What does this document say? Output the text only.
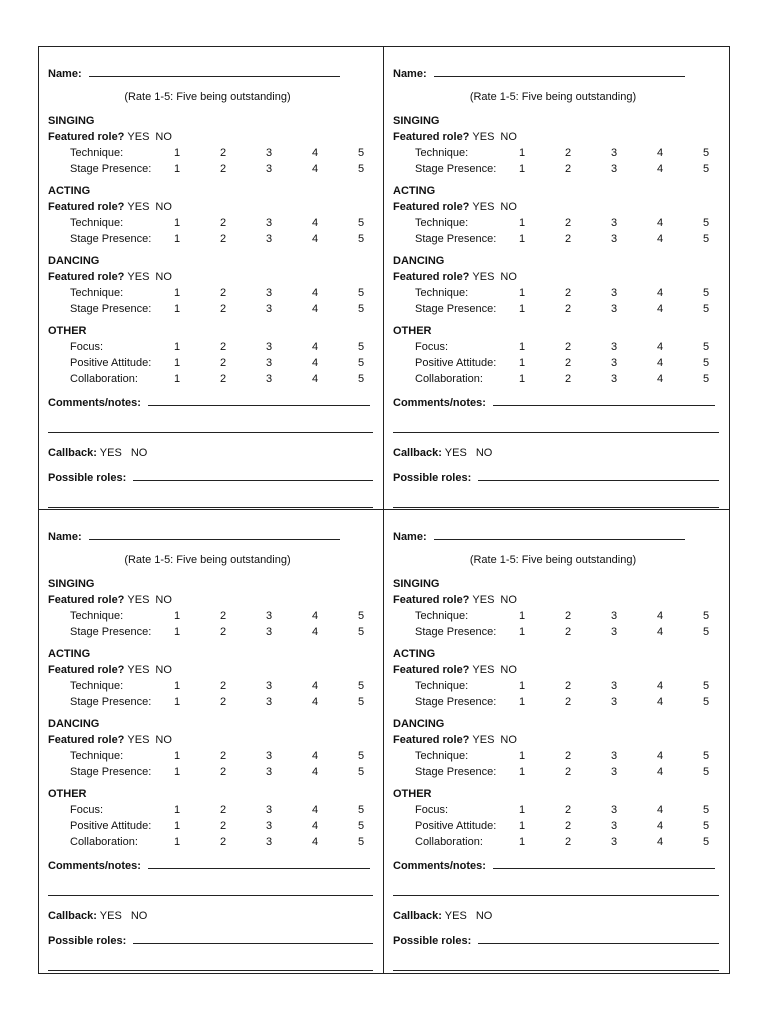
Name:
(Rate 1-5: Five being outstanding)
SINGING
Featured role? YES NO
Technique:	1	2	3	4	5
Stage Presence:	1	2	3	4	5
ACTING
Featured role? YES NO
Technique:	1	2	3	4	5
Stage Presence:	1	2	3	4	5
DANCING
Featured role? YES NO
Technique:	1	2	3	4	5
Stage Presence:	1	2	3	4	5
OTHER
Focus:	1	2	3	4	5
Positive Attitude:	1	2	3	4	5
Collaboration:	1	2	3	4	5
Comments/notes:
Callback: YES NO
Possible roles:
Name:
(Rate 1-5: Five being outstanding)
SINGING
Featured role? YES NO
Technique:	1	2	3	4	5
Stage Presence:	1	2	3	4	5
ACTING
Featured role? YES NO
Technique:	1	2	3	4	5
Stage Presence:	1	2	3	4	5
DANCING
Featured role? YES NO
Technique:	1	2	3	4	5
Stage Presence:	1	2	3	4	5
OTHER
Focus:	1	2	3	4	5
Positive Attitude:	1	2	3	4	5
Collaboration:	1	2	3	4	5
Comments/notes:
Callback: YES NO
Possible roles:
Name:
(Rate 1-5: Five being outstanding)
SINGING
Featured role? YES NO
Technique:	1	2	3	4	5
Stage Presence:	1	2	3	4	5
ACTING
Featured role? YES NO
Technique:	1	2	3	4	5
Stage Presence:	1	2	3	4	5
DANCING
Featured role? YES NO
Technique:	1	2	3	4	5
Stage Presence:	1	2	3	4	5
OTHER
Focus:	1	2	3	4	5
Positive Attitude:	1	2	3	4	5
Collaboration:	1	2	3	4	5
Comments/notes:
Callback: YES NO
Possible roles:
Name:
(Rate 1-5: Five being outstanding)
SINGING
Featured role? YES NO
Technique:	1	2	3	4	5
Stage Presence:	1	2	3	4	5
ACTING
Featured role? YES NO
Technique:	1	2	3	4	5
Stage Presence:	1	2	3	4	5
DANCING
Featured role? YES NO
Technique:	1	2	3	4	5
Stage Presence:	1	2	3	4	5
OTHER
Focus:	1	2	3	4	5
Positive Attitude:	1	2	3	4	5
Collaboration:	1	2	3	4	5
Comments/notes:
Callback: YES NO
Possible roles:
